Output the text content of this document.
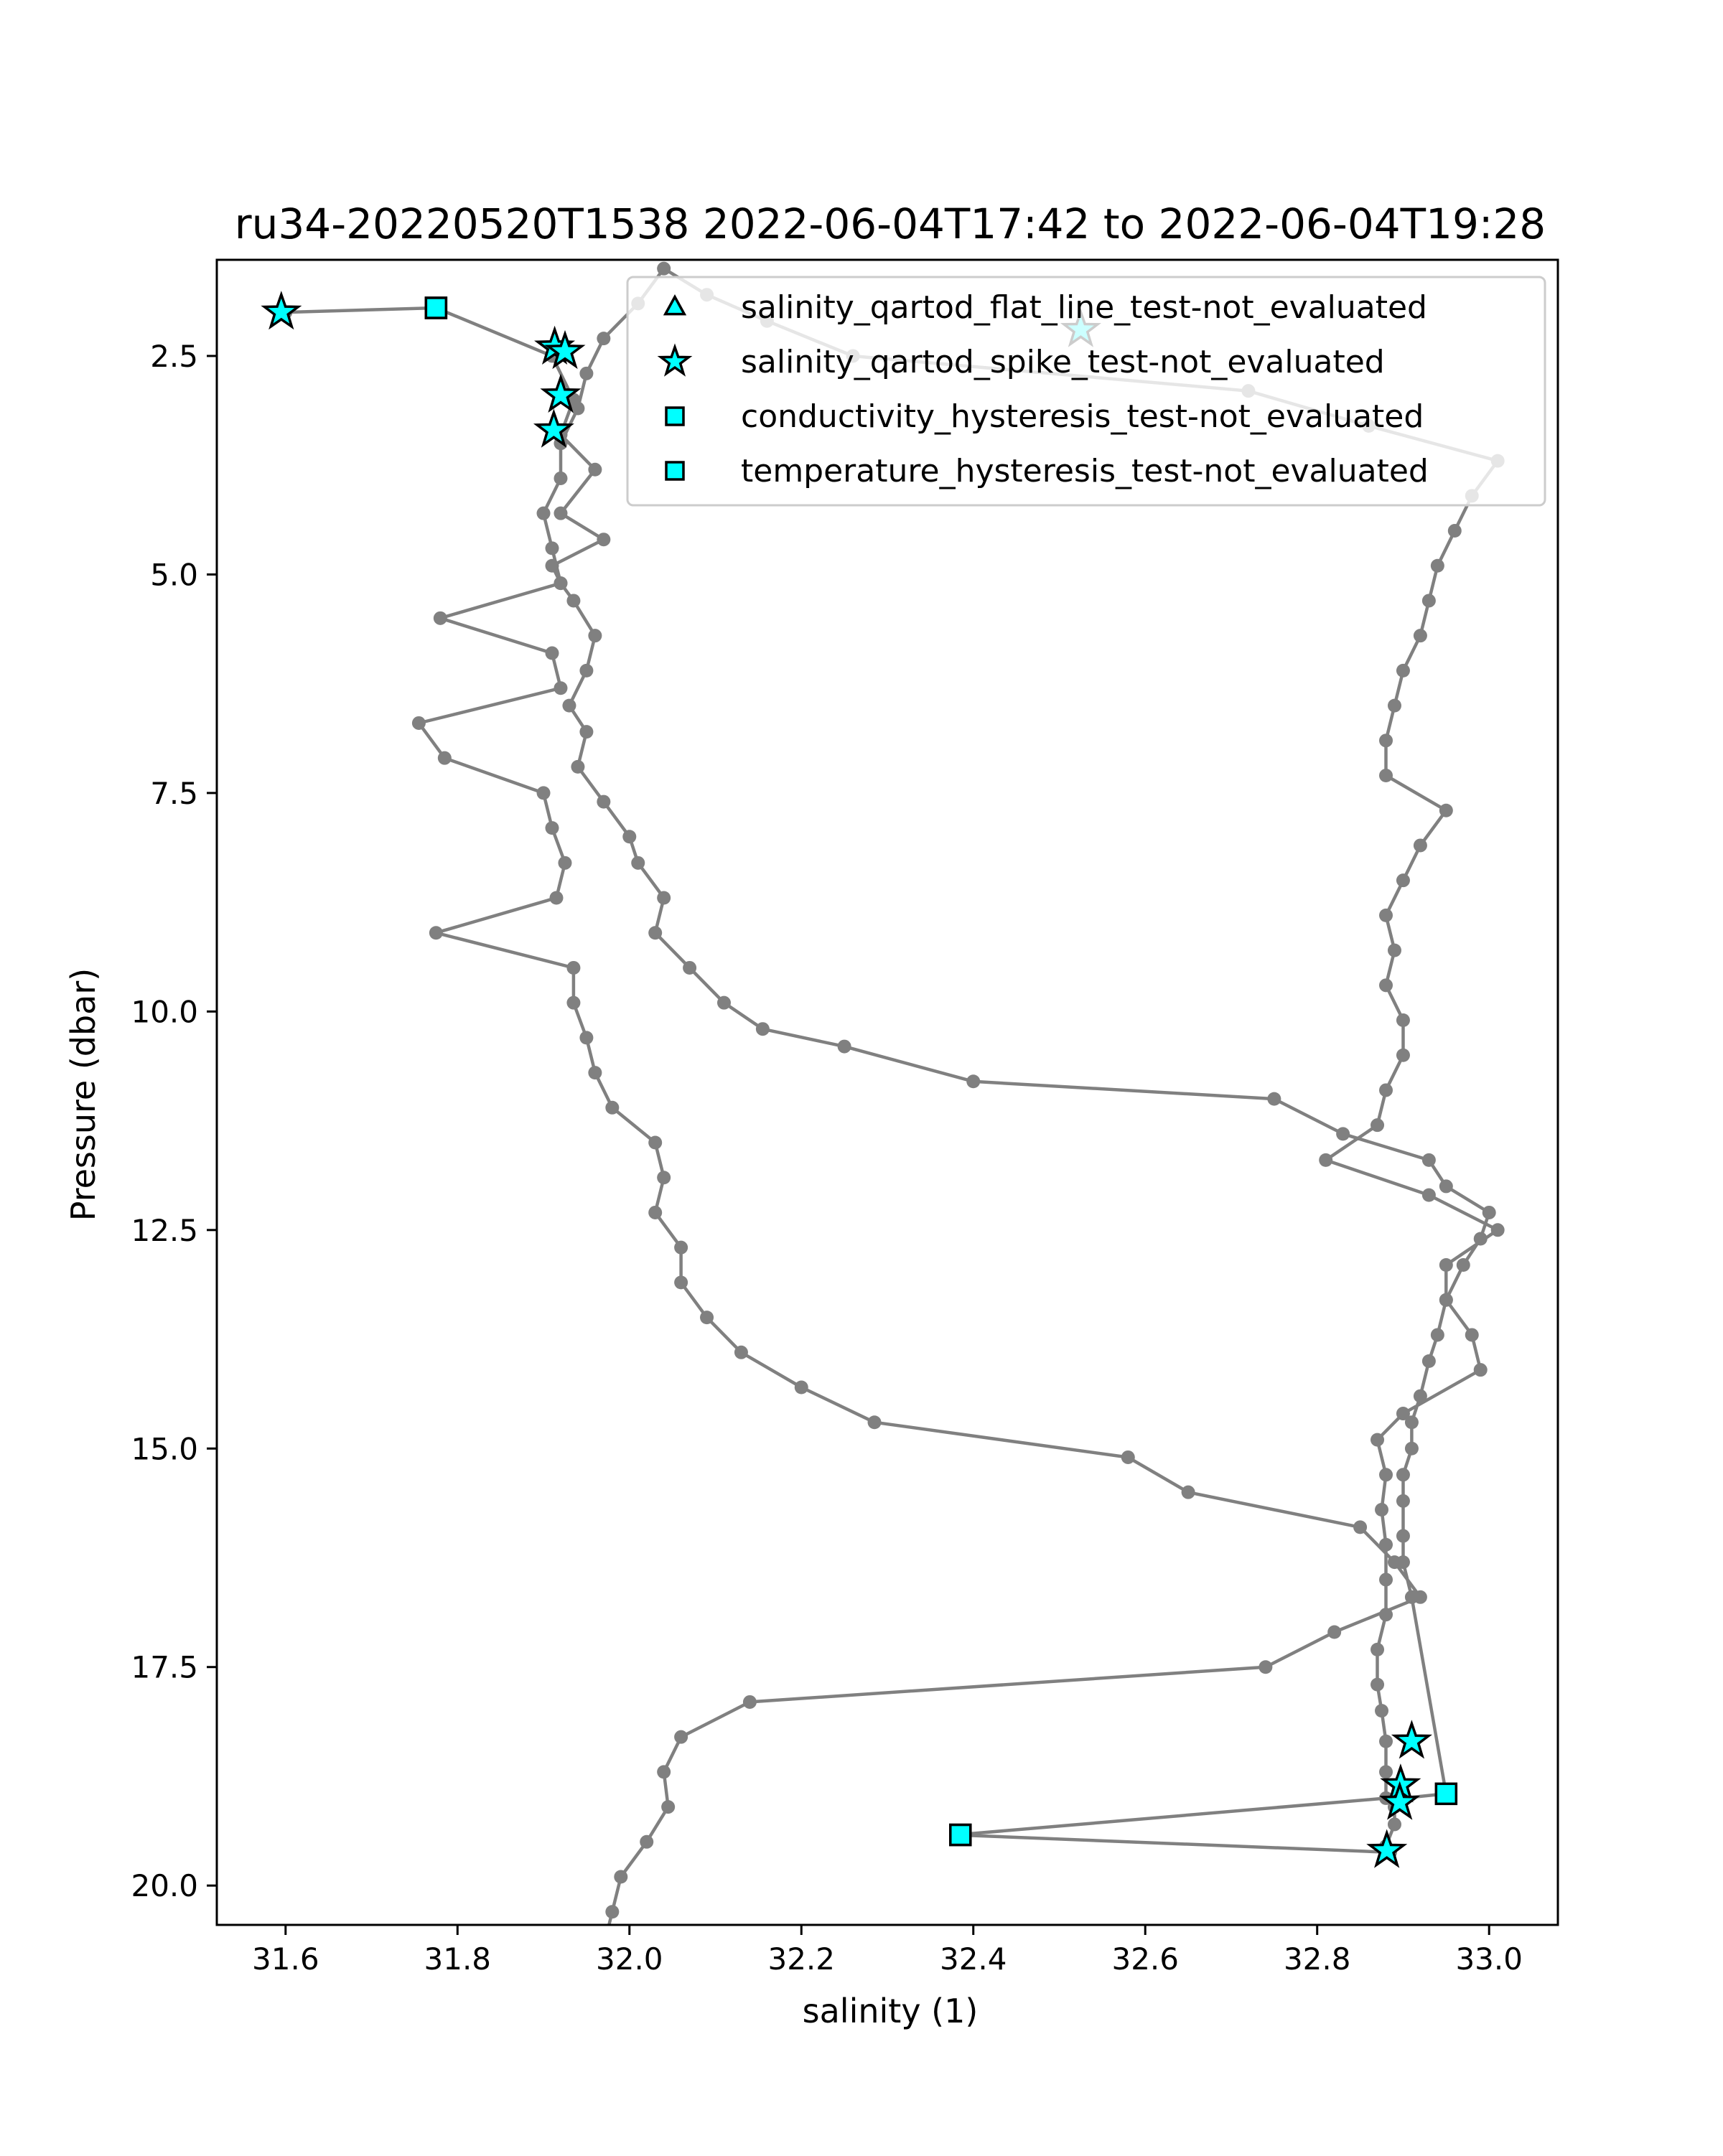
ru34-20220520T1538 2022-06-04T17:42 to 2022-06-04T19:28
31.6	31.8	32.0	32.2	32.4	32.6	32.8	33.0
2.5
5.0
7.5
10.0
12.5
15.0
17.5
20.0
salinity (1)
Pressure (dbar)
salinity_qartod_flat_line_test-not_evaluated
salinity_qartod_spike_test-not_evaluated
conductivity_hysteresis_test-not_evaluated
temperature_hysteresis_test-not_evaluated
